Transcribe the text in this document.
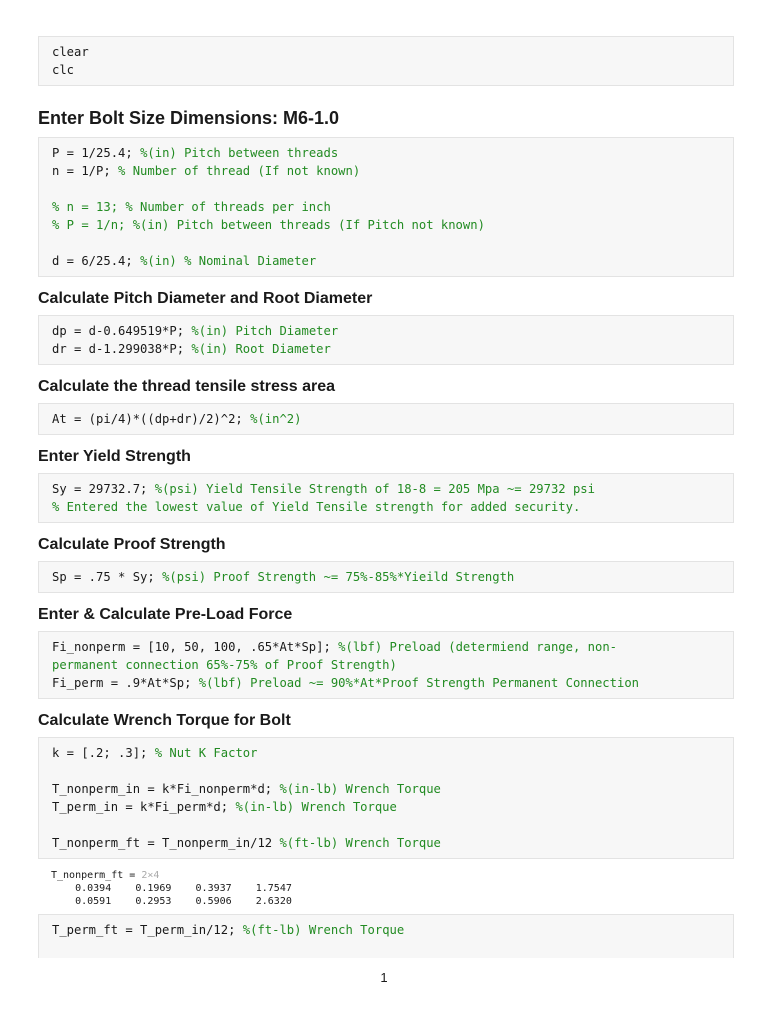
clear
clc
Enter Bolt Size Dimensions: M6-1.0
P = 1/25.4; %(in) Pitch between threads
n = 1/P; % Number of thread (If not known)
% n = 13; % Number of threads per inch
% P = 1/n; %(in) Pitch between threads (If Pitch not known)
d = 6/25.4; %(in) % Nominal Diameter
Calculate Pitch Diameter and Root Diameter
dp = d-0.649519*P; %(in) Pitch Diameter
dr = d-1.299038*P; %(in) Root Diameter
Calculate the thread tensile stress area
At = (pi/4)*((dp+dr)/2)^2; %(in^2)
Enter Yield Strength
Sy = 29732.7; %(psi) Yield Tensile Strength of 18-8 = 205 Mpa ~= 29732 psi
% Entered the lowest value of Yield Tensile strength for added security.
Calculate Proof Strength
Sp = .75 * Sy; %(psi) Proof Strength ~= 75%-85%*Yieild Strength
Enter & Calculate Pre-Load Force
Fi_nonperm = [10, 50, 100, .65*At*Sp]; %(lbf) Preload (determiend range, non-
permanent connection 65%-75% of Proof Strength)
Fi_perm = .9*At*Sp; %(lbf) Preload ~= 90%*At*Proof Strength Permanent Connection
Calculate Wrench Torque for Bolt
k = [.2; .3]; % Nut K Factor
T_nonperm_in = k*Fi_nonperm*d; %(in-lb) Wrench Torque
T_perm_in = k*Fi_perm*d; %(in-lb) Wrench Torque
T_nonperm_ft = T_nonperm_in/12 %(ft-lb) Wrench Torque
T_nonperm_ft = 2×4
0.0394 0.1969 0.3937 1.7547
0.0591 0.2953 0.5906 2.6320
T_perm_ft = T_perm_in/12; %(ft-lb) Wrench Torque
1
